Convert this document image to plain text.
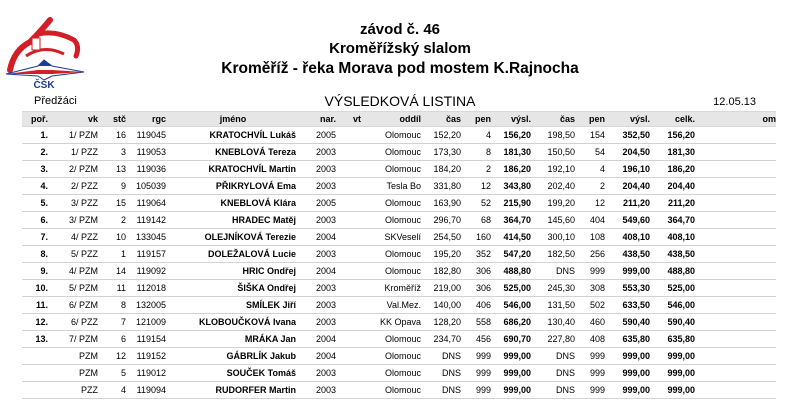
ČSK
závod č. 46
Kroměřížský slalom
Kroměříž - řeka Morava pod mostem K.Rajnocha
Předžáci	VÝSLEDKOVÁ LISTINA	12.05.13
poř.	vk	stč	rgc	jméno	nar.	vt	oddíl	čas	pen	výsl.	čas	pen	výsl.	celk.	om
1.	1/ PZM	16	119045	KRATOCHVÍL Lukáš	2005		Olomouc	152,20	4	156,20	198,50	154	352,50	156,20	
2.	1/ PZZ	3	119053	KNEBLOVÁ Tereza	2003		Olomouc	173,30	8	181,30	150,50	54	204,50	181,30	
3.	2/ PZM	13	119036	KRATOCHVÍL Martin	2003		Olomouc	184,20	2	186,20	192,10	4	196,10	186,20	
4.	2/ PZZ	9	105039	PŘIKRYLOVÁ Ema	2003		Tesla Bo	331,80	12	343,80	202,40	2	204,40	204,40	
5.	3/ PZZ	15	119064	KNEBLOVÁ Klára	2005		Olomouc	163,90	52	215,90	199,20	12	211,20	211,20	
6.	3/ PZM	2	119142	HRADEC Matěj	2003		Olomouc	296,70	68	364,70	145,60	404	549,60	364,70	
7.	4/ PZZ	10	133045	OLEJNÍKOVÁ Terezie	2004		SKVeselí	254,50	160	414,50	300,10	108	408,10	408,10	
8.	5/ PZZ	1	119157	DOLEŽALOVÁ Lucie	2003		Olomouc	195,20	352	547,20	182,50	256	438,50	438,50	
9.	4/ PZM	14	119092	HRIC Ondřej	2004		Olomouc	182,80	306	488,80	DNS	999	999,00	488,80	
10.	5/ PZM	11	112018	ŠIŠKA Ondřej	2003		Kroměříž	219,00	306	525,00	245,30	308	553,30	525,00	
11.	6/ PZM	8	132005	SMÍLEK Jiří	2003		Val.Mez.	140,00	406	546,00	131,50	502	633,50	546,00	
12.	6/ PZZ	7	121009	KLOBOUČKOVÁ Ivana	2003		KK Opava	128,20	558	686,20	130,40	460	590,40	590,40	
13.	7/ PZM	6	119154	MRÁKA Jan	2004		Olomouc	234,70	456	690,70	227,80	408	635,80	635,80	
	PZM	12	119152	GÁBRLÍK Jakub	2004		Olomouc	DNS	999	999,00	DNS	999	999,00	999,00	
	PZM	5	119012	SOUČEK Tomáš	2003		Olomouc	DNS	999	999,00	DNS	999	999,00	999,00	
	PZZ	4	119094	RUDORFER Martin	2003		Olomouc	DNS	999	999,00	DNS	999	999,00	999,00	
